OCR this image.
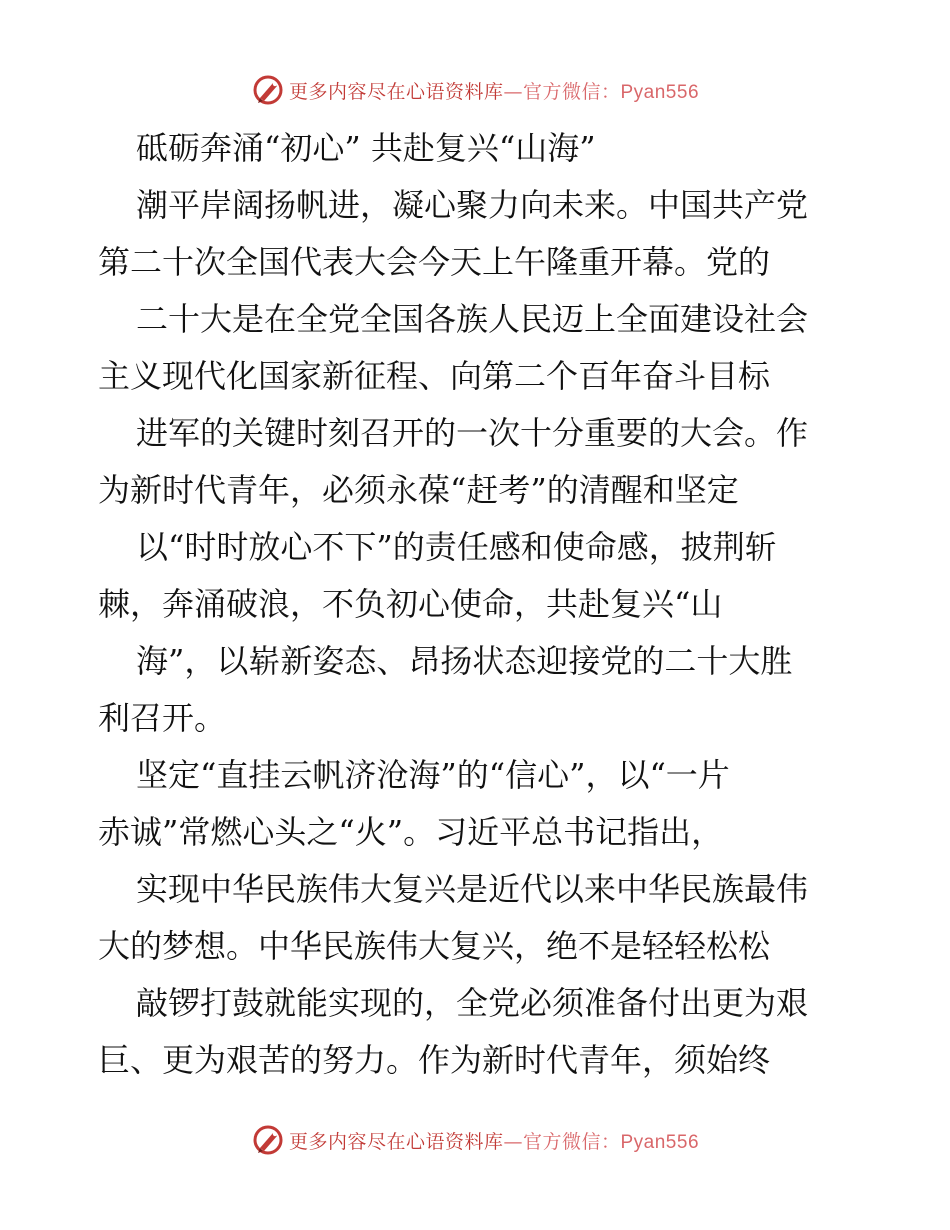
更多内容尽在心语资料库—官方微信：Pyan556
砥砺奔涌“初心” 共赴复兴“山海”
潮平岸阔扬帆进，凝心聚力向未来。中国共产党
第二十次全国代表大会今天上午隆重开幕。党的
二十大是在全党全国各族人民迈上全面建设社会
主义现代化国家新征程、向第二个百年奋斗目标
进军的关键时刻召开的一次十分重要的大会。作
为新时代青年，必须永葆“赶考”的清醒和坚定
以“时时放心不下”的责任感和使命感，披荆斩
棘，奔涌破浪，不负初心使命，共赴复兴“山
海”，以崭新姿态、昂扬状态迎接党的二十大胜
利召开。
坚定“直挂云帆济沧海”的“信心”，以“一片
赤诚”常燃心头之“火”。习近平总书记指出，
实现中华民族伟大复兴是近代以来中华民族最伟
大的梦想。中华民族伟大复兴，绝不是轻轻松松
敲锣打鼓就能实现的，全党必须准备付出更为艰
巨、更为艰苦的努力。作为新时代青年，须始终
更多内容尽在心语资料库—官方微信：Pyan556
